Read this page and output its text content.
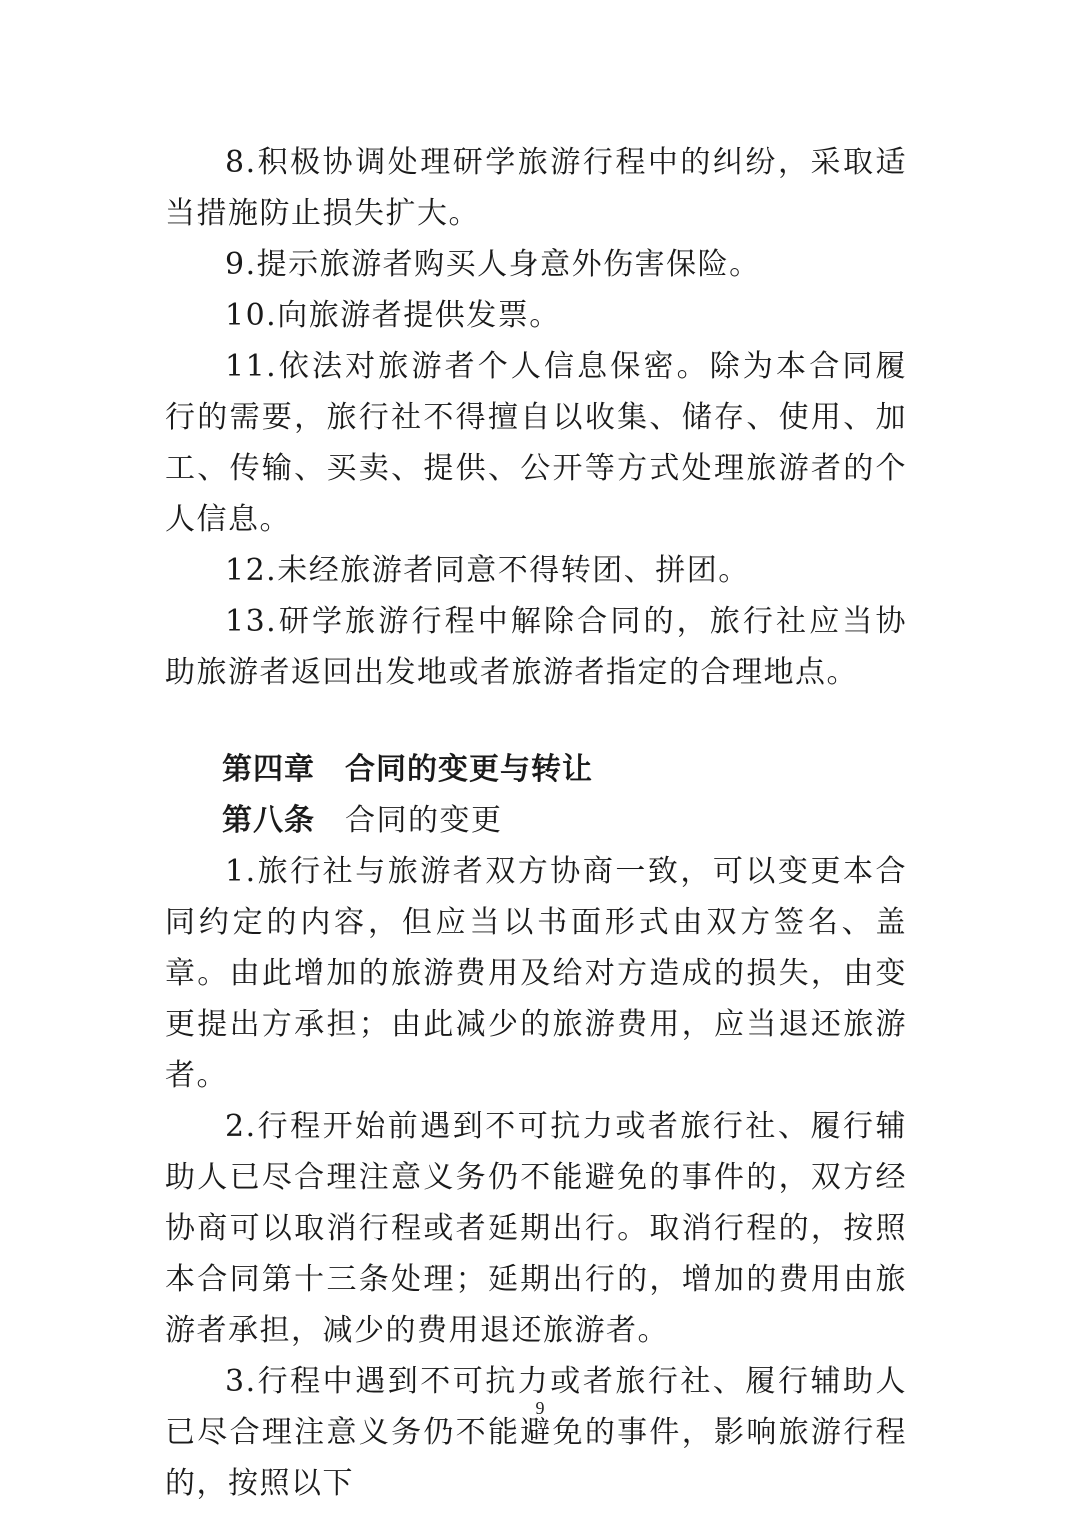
8.积极协调处理研学旅游行程中的纠纷，采取适当措施防止损失扩大。

9.提示旅游者购买人身意外伤害保险。

10.向旅游者提供发票。

11.依法对旅游者个人信息保密。除为本合同履行的需要，旅行社不得擅自以收集、储存、使用、加工、传输、买卖、提供、公开等方式处理旅游者的个人信息。

12.未经旅游者同意不得转团、拼团。

13.研学旅游行程中解除合同的，旅行社应当协助旅游者返回出发地或者旅游者指定的合理地点。

第四章 合同的变更与转让

第八条 合同的变更

1.旅行社与旅游者双方协商一致，可以变更本合同约定的内容，但应当以书面形式由双方签名、盖章。由此增加的旅游费用及给对方造成的损失，由变更提出方承担；由此减少的旅游费用，应当退还旅游者。

2.行程开始前遇到不可抗力或者旅行社、履行辅助人已尽合理注意义务仍不能避免的事件的，双方经协商可以取消行程或者延期出行。取消行程的，按照本合同第十三条处理；延期出行的，增加的费用由旅游者承担，减少的费用退还旅游者。

3.行程中遇到不可抗力或者旅行社、履行辅助人已尽合理注意义务仍不能避免的事件，影响旅游行程的，按照以下

9
